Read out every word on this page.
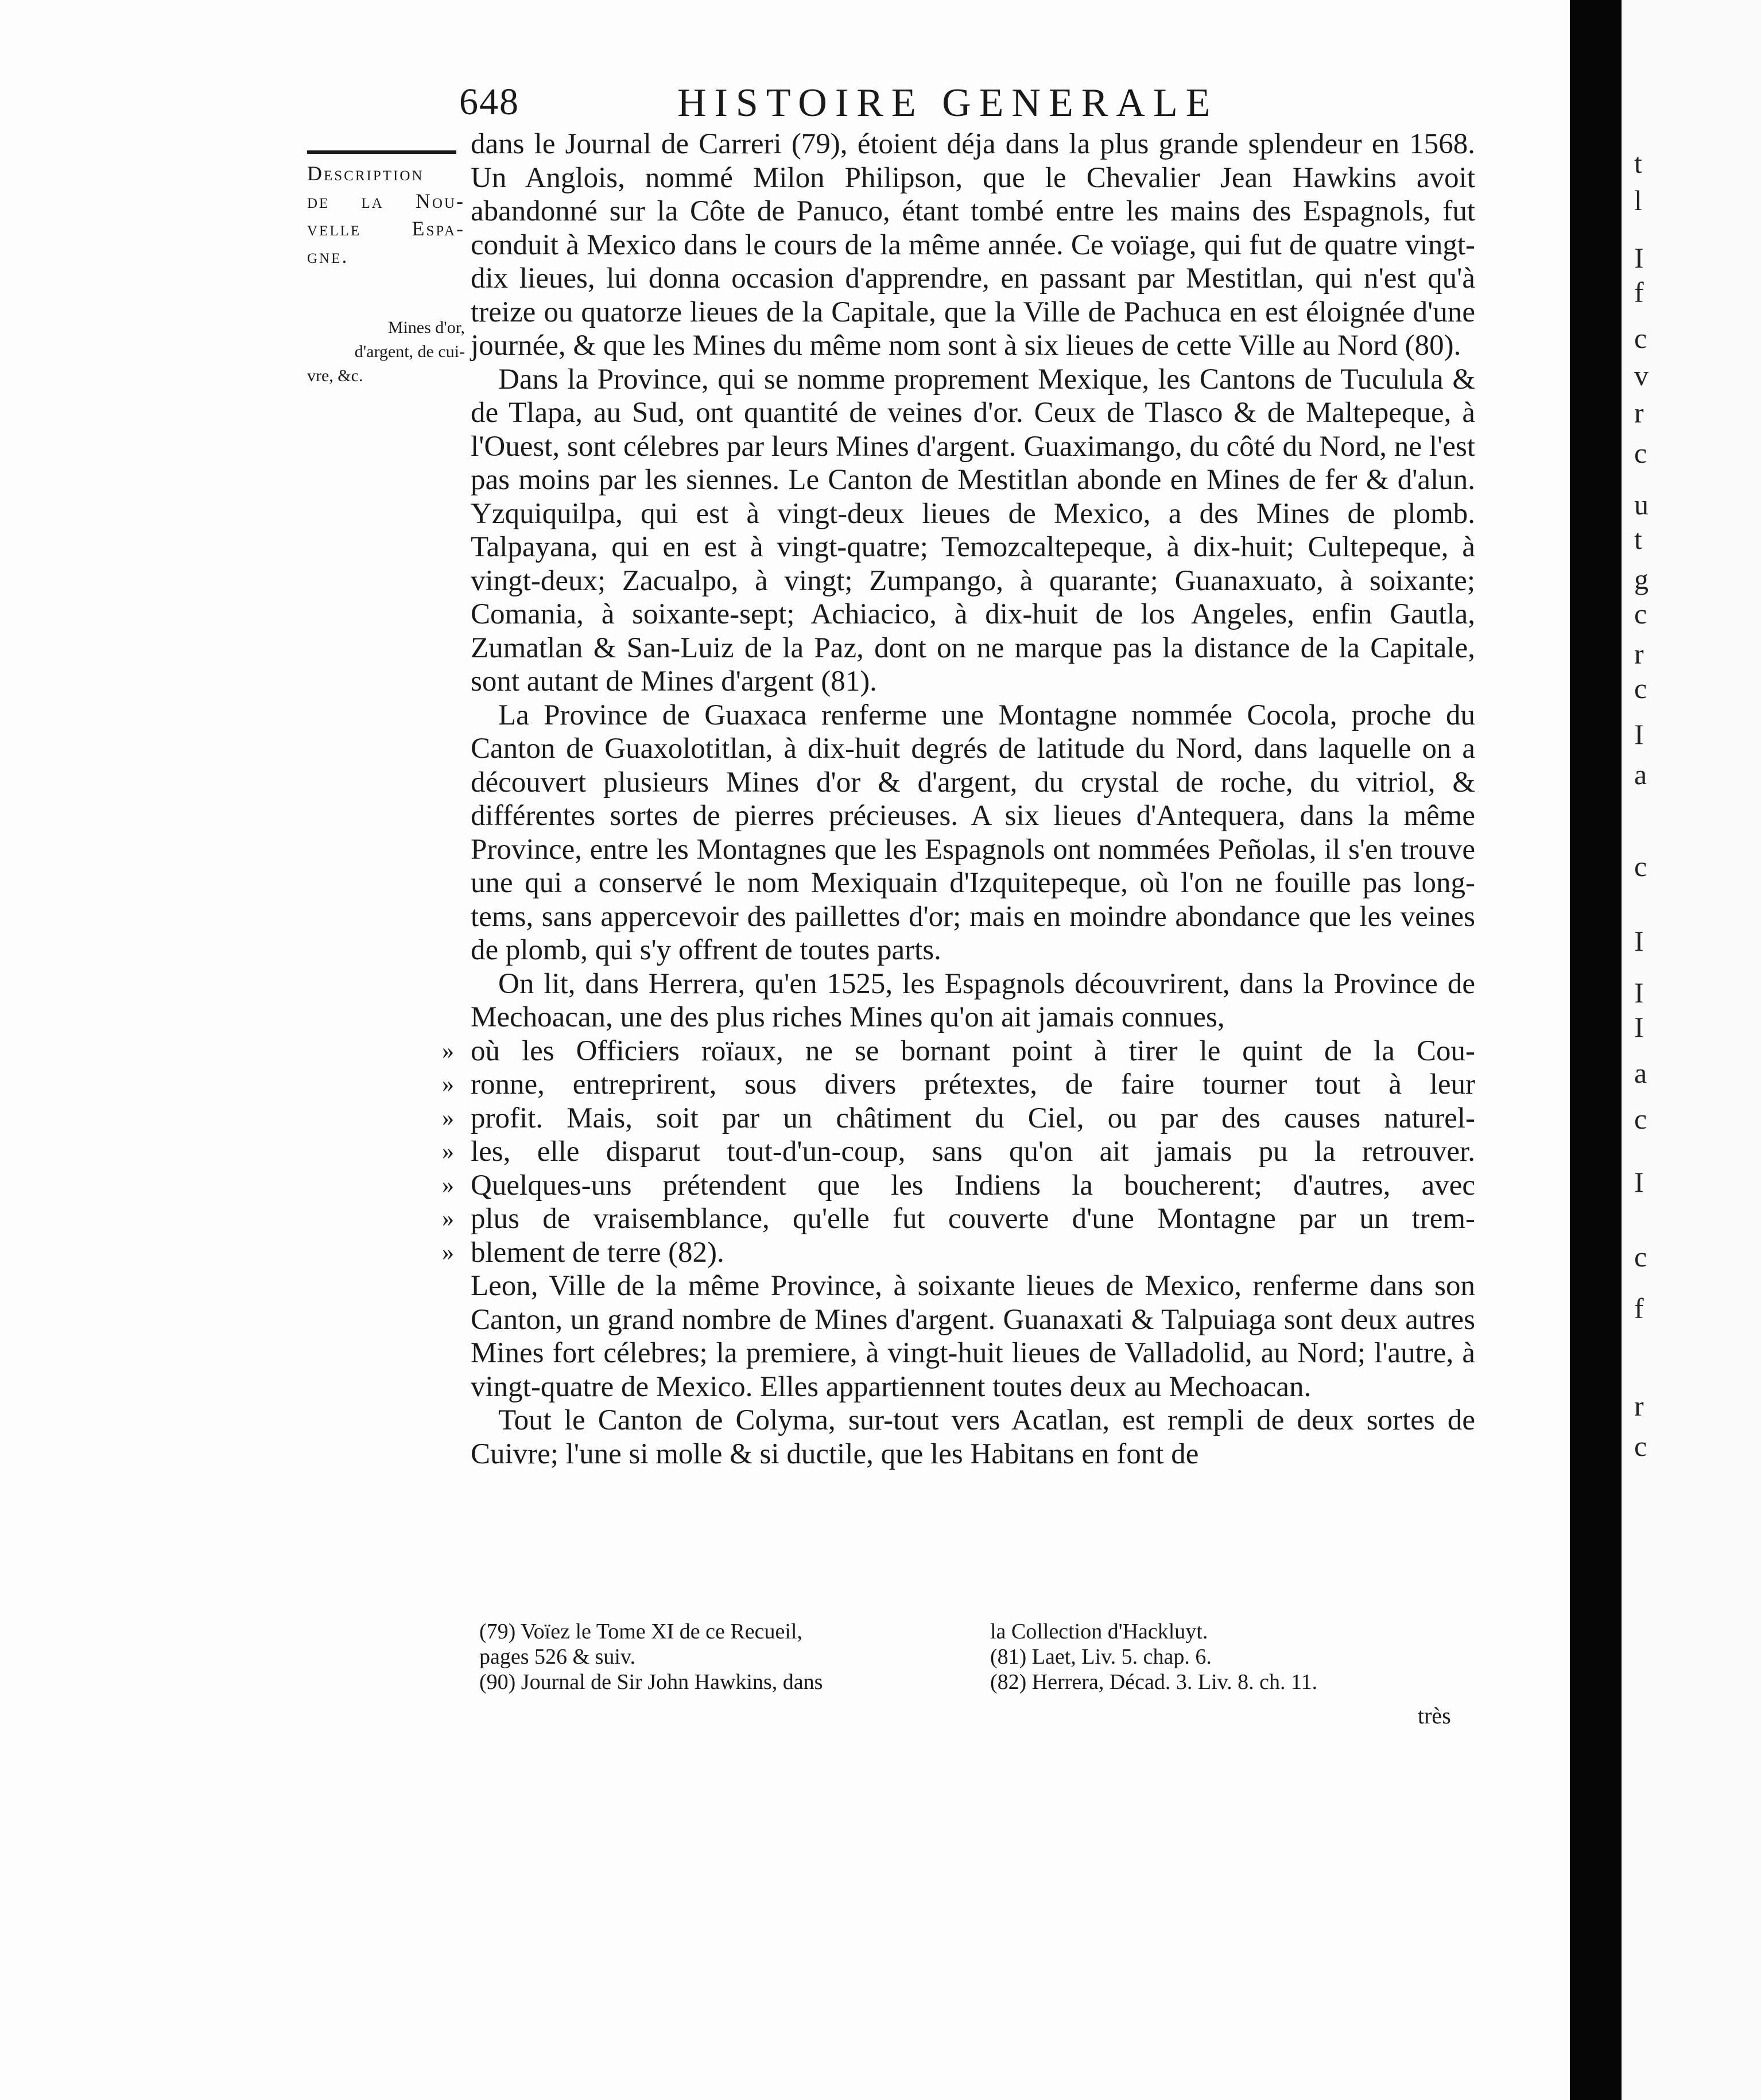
648	HISTOIRE GENERALE
Description
de la Nou-
velle Espa-
gne.
Mines d'or,
d'argent, de cui-
vre, &c.

dans le Journal de Carreri (79), étoient déja dans la plus grande splendeur en 1568. Un Anglois, nommé Milon Philipson, que le Chevalier Jean Hawkins avoit abandonné sur la Côte de Panuco, étant tombé entre les mains des Espagnols, fut conduit à Mexico dans le cours de la même année. Ce voïage, qui fut de quatre vingt-dix lieues, lui donna occasion d'apprendre, en passant par Mestitlan, qui n'est qu'à treize ou quatorze lieues de la Capitale, que la Ville de Pachuca en est éloignée d'une journée, & que les Mines du même nom sont à six lieues de cette Ville au Nord (80).

Dans la Province, qui se nomme proprement Mexique, les Cantons de Tuculula & de Tlapa, au Sud, ont quantité de veines d'or. Ceux de Tlasco & de Maltepeque, à l'Ouest, sont célebres par leurs Mines d'argent. Guaximango, du côté du Nord, ne l'est pas moins par les siennes. Le Canton de Mestitlan abonde en Mines de fer & d'alun. Yzquiquilpa, qui est à vingt-deux lieues de Mexico, a des Mines de plomb. Talpayana, qui en est à vingt-quatre; Temozcaltepeque, à dix-huit; Cultepeque, à vingt-deux; Zacualpo, à vingt; Zumpango, à quarante; Guanaxuato, à soixante; Comania, à soixante-sept; Achiacico, à dix-huit de los Angeles, enfin Gautla, Zumatlan & San-Luiz de la Paz, dont on ne marque pas la distance de la Capitale, sont autant de Mines d'argent (81).

La Province de Guaxaca renferme une Montagne nommée Cocola, proche du Canton de Guaxolotitlan, à dix-huit degrés de latitude du Nord, dans laquelle on a découvert plusieurs Mines d'or & d'argent, du crystal de roche, du vitriol, & différentes sortes de pierres précieuses. A six lieues d'Antequera, dans la même Province, entre les Montagnes que les Espagnols ont nommées Peñolas, il s'en trouve une qui a conservé le nom Mexiquain d'Izquitepeque, où l'on ne fouille pas long-tems, sans appercevoir des paillettes d'or; mais en moindre abondance que les veines de plomb, qui s'y offrent de toutes parts.

On lit, dans Herrera, qu'en 1525, les Espagnols découvrirent, dans la Province de Mechoacan, une des plus riches Mines qu'on ait jamais connues,

» où les Officiers roïaux, ne se bornant point à tirer le quint de la Cou-
» ronne, entreprirent, sous divers prétextes, de faire tourner tout à leur
» profit. Mais, soit par un châtiment du Ciel, ou par des causes naturel-
» les, elle disparut tout-d'un-coup, sans qu'on ait jamais pu la retrouver.
» Quelques-uns prétendent que les Indiens la boucherent; d'autres, avec
» plus de vraisemblance, qu'elle fut couverte d'une Montagne par un trem-
» blement de terre (82).

Leon, Ville de la même Province, à soixante lieues de Mexico, renferme dans son Canton, un grand nombre de Mines d'argent. Guanaxati & Talpuiaga sont deux autres Mines fort célebres; la premiere, à vingt-huit lieues de Valladolid, au Nord; l'autre, à vingt-quatre de Mexico. Elles appartiennent toutes deux au Mechoacan.

Tout le Canton de Colyma, sur-tout vers Acatlan, est rempli de deux sortes de Cuivre; l'une si molle & si ductile, que les Habitans en font de

(79) Voïez le Tome XI de ce Recueil,
pages 526 & suiv.
(90) Journal de Sir John Hawkins, dans
la Collection d'Hackluyt.
(81) Laet, Liv. 5. chap. 6.
(82) Herrera, Décad. 3. Liv. 8. ch. 11.
très
t
l
I
f
c
v
r
c
u
t
g
c
r
c
I
a
c
I
I
I
a
c
I
c
f
r
c
